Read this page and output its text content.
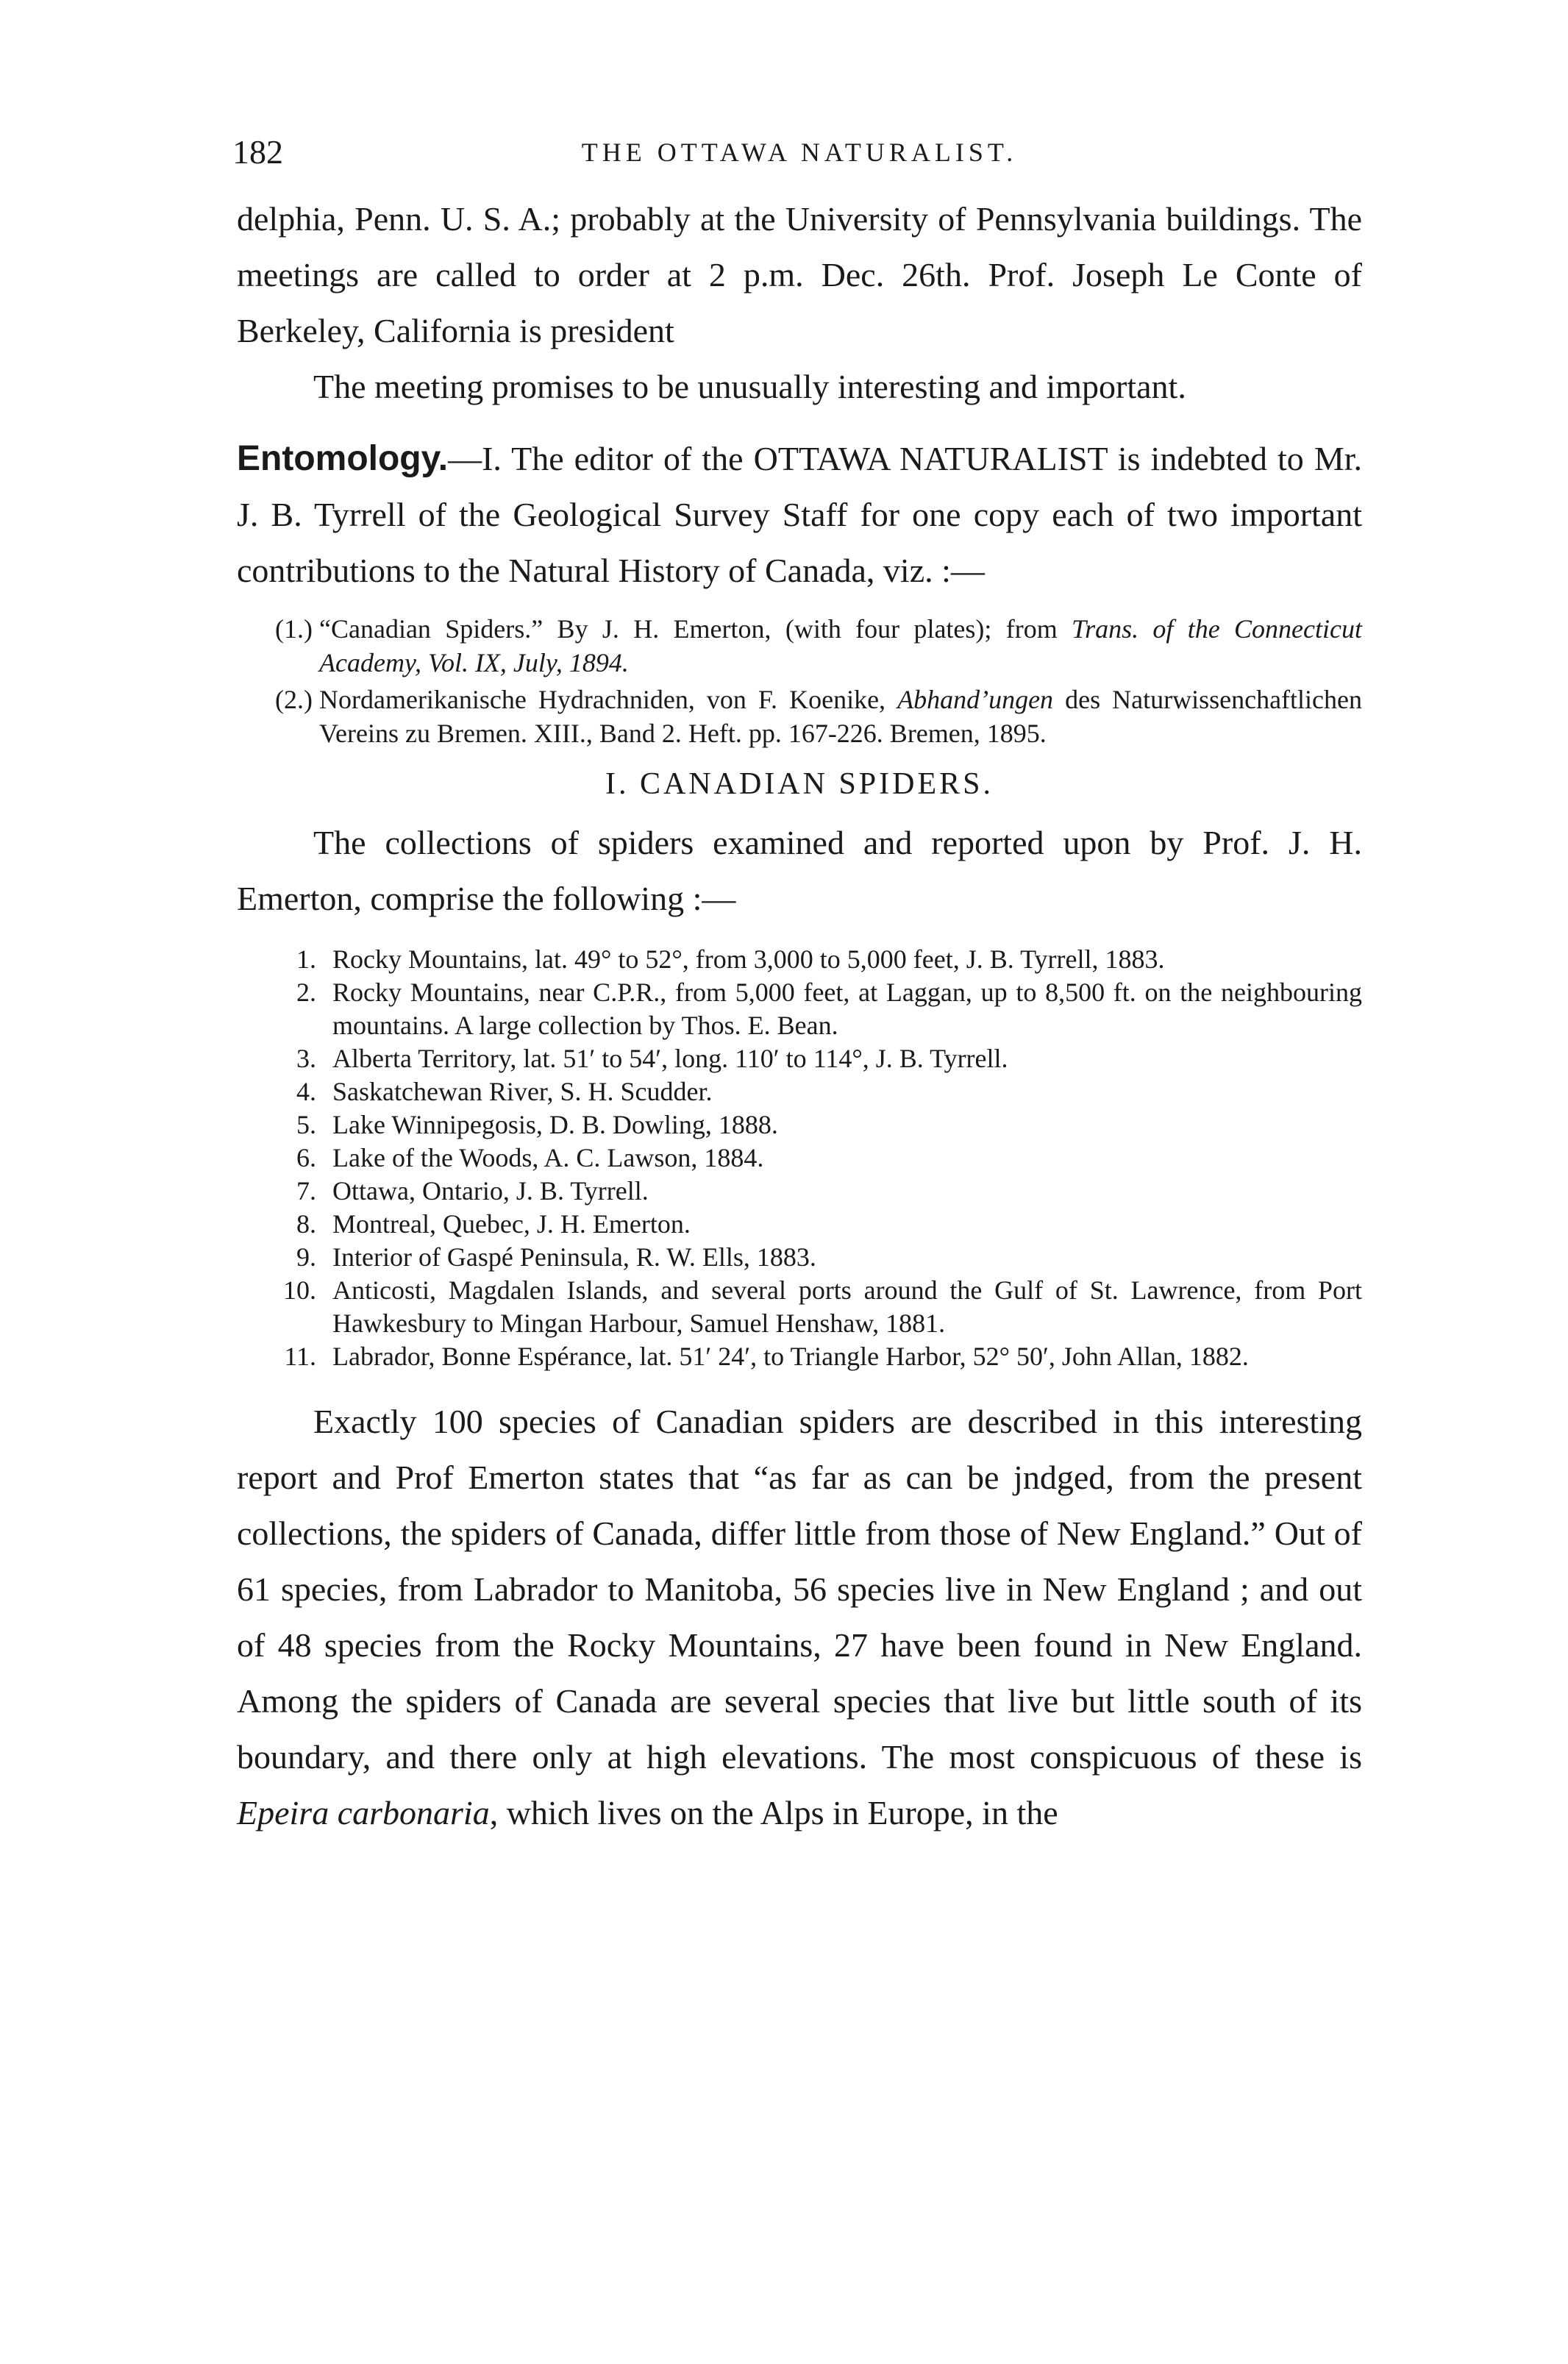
182	THE OTTAWA NATURALIST.

delphia, Penn. U. S. A.; probably at the University of Pennsylvania buildings. The meetings are called to order at 2 p.m. Dec. 26th. Prof. Joseph Le Conte of Berkeley, California is president

The meeting promises to be unusually interesting and important.

Entomology.—I. The editor of the OTTAWA NATURALIST is indebted to Mr. J. B. Tyrrell of the Geological Survey Staff for one copy each of two important contributions to the Natural History of Canada, viz. :—

(1.) “Canadian Spiders.” By J. H. Emerton, (with four plates); from Trans. of the Connecticut Academy, Vol. IX, July, 1894.
(2.) Nordamerikanische Hydrachniden, von F. Koenike, Abhand’ungen des Naturwissenchaftlichen Vereins zu Bremen. XIII., Band 2. Heft. pp. 167-226. Bremen, 1895.
I. CANADIAN SPIDERS.

The collections of spiders examined and reported upon by Prof. J. H. Emerton, comprise the following :—

1. Rocky Mountains, lat. 49° to 52°, from 3,000 to 5,000 feet, J. B. Tyrrell, 1883.
2. Rocky Mountains, near C.P.R., from 5,000 feet, at Laggan, up to 8,500 ft. on the neighbouring mountains. A large collection by Thos. E. Bean.
3. Alberta Territory, lat. 51′ to 54′, long. 110′ to 114°, J. B. Tyrrell.
4. Saskatchewan River, S. H. Scudder.
5. Lake Winnipegosis, D. B. Dowling, 1888.
6. Lake of the Woods, A. C. Lawson, 1884.
7. Ottawa, Ontario, J. B. Tyrrell.
8. Montreal, Quebec, J. H. Emerton.
9. Interior of Gaspé Peninsula, R. W. Ells, 1883.
10. Anticosti, Magdalen Islands, and several ports around the Gulf of St. Lawrence, from Port Hawkesbury to Mingan Harbour, Samuel Henshaw, 1881.
11. Labrador, Bonne Espérance, lat. 51′ 24′, to Triangle Harbor, 52° 50′, John Allan, 1882.

Exactly 100 species of Canadian spiders are described in this interesting report and Prof Emerton states that “as far as can be jndged, from the present collections, the spiders of Canada, differ little from those of New England.” Out of 61 species, from Labrador to Manitoba, 56 species live in New England ; and out of 48 species from the Rocky Mountains, 27 have been found in New England. Among the spiders of Canada are several species that live but little south of its boundary, and there only at high elevations. The most conspicuous of these is Epeira carbonaria, which lives on the Alps in Europe, in the
